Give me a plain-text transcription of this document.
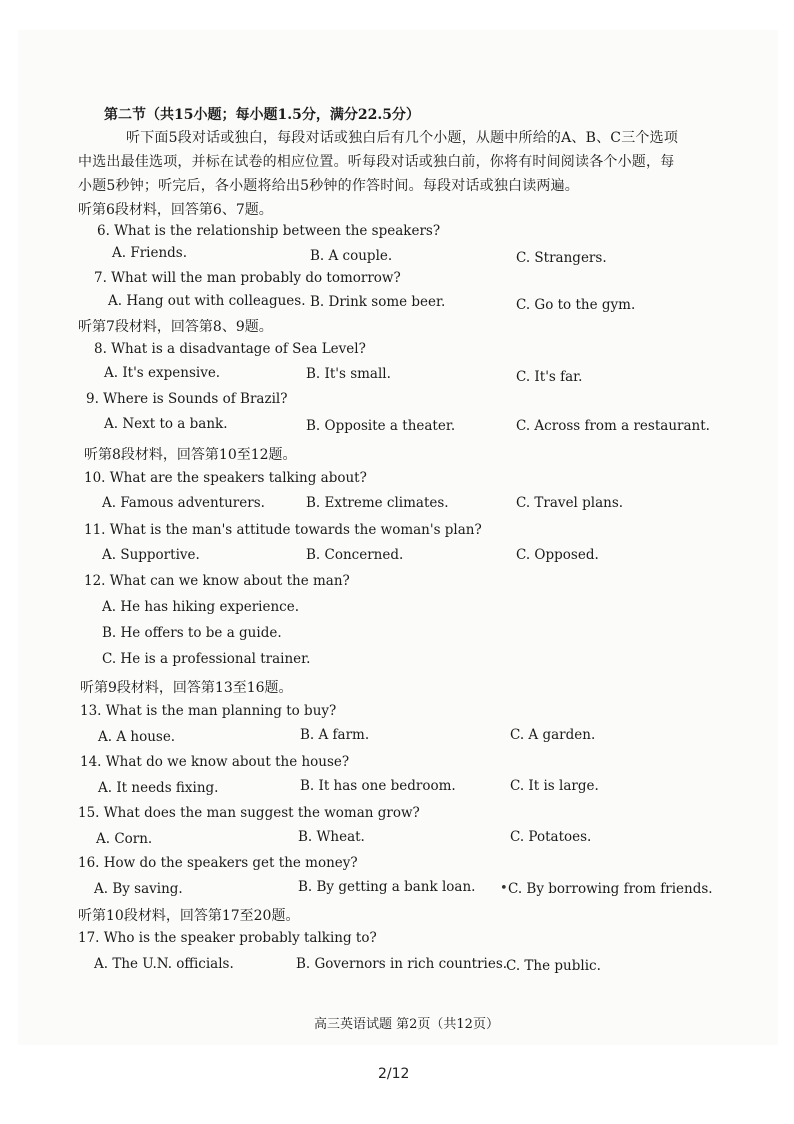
第二节（共15小题；每小题1.5分，满分22.5分）
听下面5段对话或独白，每段对话或独白后有几个小题，从题中所给的A、B、C三个选项
中选出最佳选项，并标在试卷的相应位置。听每段对话或独白前，你将有时间阅读各个小题，每
小题5秒钟；听完后，各小题将给出5秒钟的作答时间。每段对话或独白读两遍。
听第6段材料，回答第6、7题。
6. What is the relationship between the speakers?
A. Friends.	B. A couple.	C. Strangers.
7. What will the man probably do tomorrow?
A. Hang out with colleagues. B. Drink some beer.	C. Go to the gym.
听第7段材料，回答第8、9题。
8. What is a disadvantage of Sea Level?
A. It's expensive.	B. It's small.	C. It's far.
9. Where is Sounds of Brazil?
A. Next to a bank.	B. Opposite a theater.	C. Across from a restaurant.
听第8段材料，回答第10至12题。
10. What are the speakers talking about?
A. Famous adventurers.	B. Extreme climates.	C. Travel plans.
11. What is the man's attitude towards the woman's plan?
A. Supportive.	B. Concerned.	C. Opposed.
12. What can we know about the man?
A. He has hiking experience.
B. He offers to be a guide.
C. He is a professional trainer.
听第9段材料，回答第13至16题。
13. What is the man planning to buy?
A. A house.	B. A farm.	C. A garden.
14. What do we know about the house?
A. It needs fixing.	B. It has one bedroom.	C. It is large.
15. What does the man suggest the woman grow?
A. Corn.	B. Wheat.	C. Potatoes.
16. How do the speakers get the money?
A. By saving.	B. By getting a bank loan. • C. By borrowing from friends.
听第10段材料，回答第17至20题。
17. Who is the speaker probably talking to?
A. The U.N. officials.	B. Governors in rich countries.
C. The public.
高三英语试题 第2页（共12页）
2/12
